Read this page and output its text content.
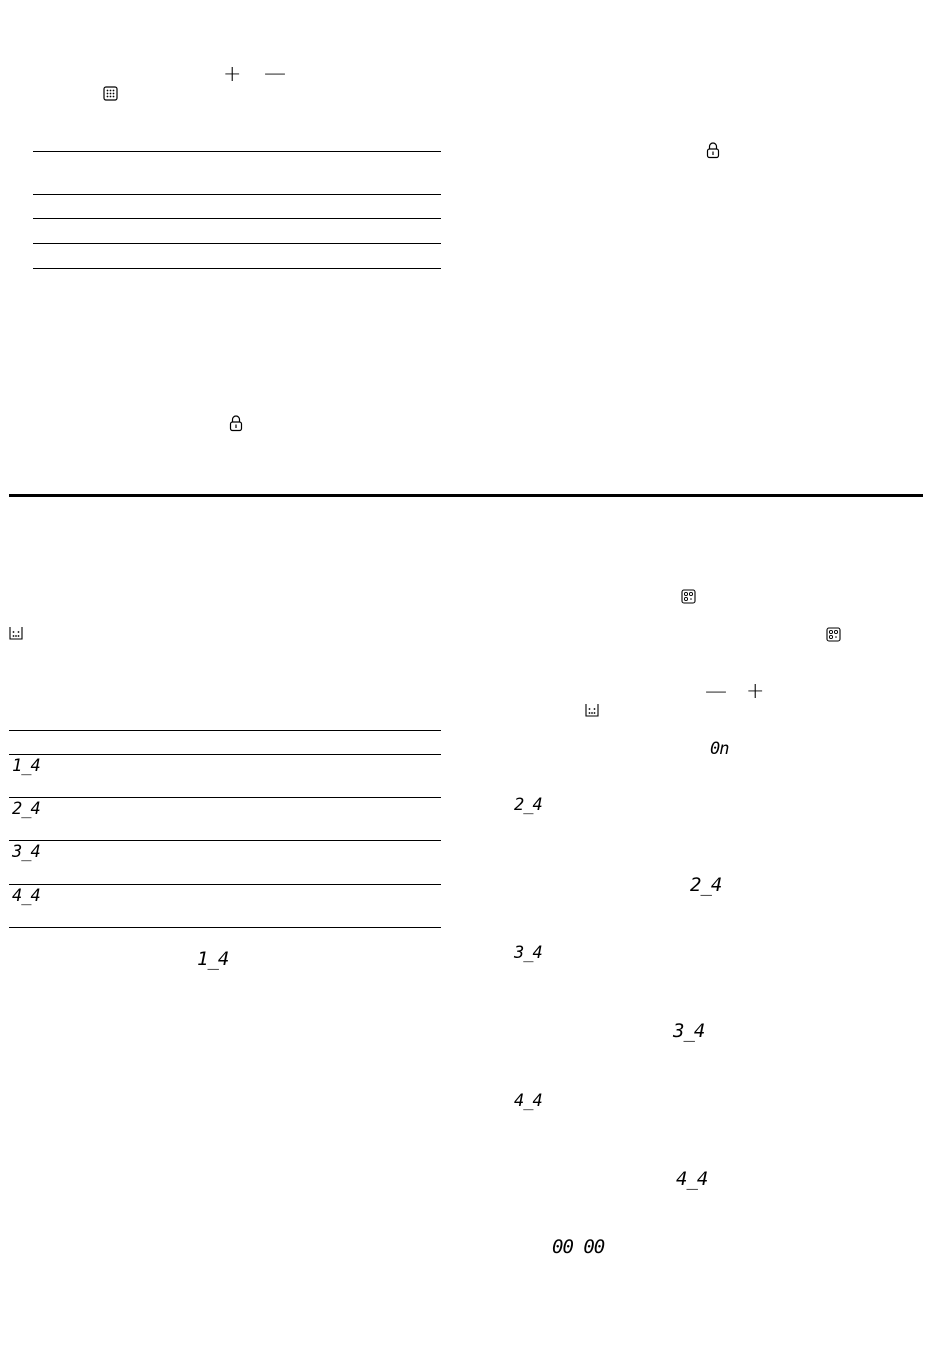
+ —
1_4
2_4
3_4
4_4
1_4
— +
0n
2_4
2_4
3_4
3_4
4_4
4_4
00 00
